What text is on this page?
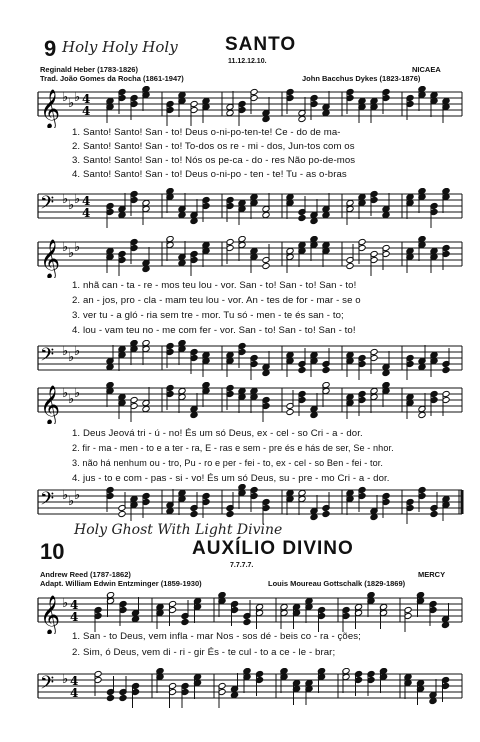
9 Holy Holy Holy SANTO
11.12.12.10.
Reginald Heber (1783-1826)
Trad. João Gomes da Rocha (1861-1947)
NICAEA
John Bacchus Dykes (1823-1876)
𝄞 ♭ ♭ ♭ 4
4
1. Santo! Santo! San - to! Deus o-ni-po-ten-te! Ce - do de ma-
2. Santo! Santo! San - to! To-dos os re - mi - dos, Jun-tos com os
3. Santo! Santo! San - to! Nós os pe-ca - do - res Não po-de-mos
4. Santo! Santo! San - to! Deus o-ni-po - ten - te! Tu - as o-bras
𝄢 ♭ ♭ ♭ 4
4
𝄞 ♭ ♭ ♭
1. nhã can - ta - re - mos teu lou - vor. San - to! San - to! San - to!
2. an - jos, pro - cla - mam teu lou - vor. An - tes de for - mar - se o
3. ver tu - a gló - ria sem tre - mor. Tu só - men - te és san - to;
4. lou - vam teu no - me com fer - vor. San - to! San - to! San - to!
𝄢 ♭ ♭ ♭
𝄞 ♭ ♭ ♭
1. Deus Jeová tri - ú - no! És um só Deus, ex - cel - so Cri - a - dor.
2. fir - ma - men - to e a ter - ra, E - ras e sem - pre és e hás de ser, Se - nhor.
3. não há nenhum ou - tro, Pu - ro e per - fei - to, ex - cel - so Ben - fei - tor.
4. jus - to e com - pas - si - vo! És um só Deus, su - pre - mo Cri - a - dor.
𝄢 ♭ ♭ ♭
Holy Ghost With Light Divine
10	AUXÍLIO DIVINO
7.7.7.7.
Andrew Reed (1787-1862)
Adapt. William Edwin Entzminger (1859-1930)
MERCY
Louis Moureau Gottschalk (1829-1869)
𝄞 ♭ 4
4
1. San - to Deus, vem infla - mar Nos - sos dé - beis co - ra - ções;
2. Sim, ó Deus, vem di - ri - gir És - te cul - to a ce - le - brar;
𝄢 ♭ 4
4
